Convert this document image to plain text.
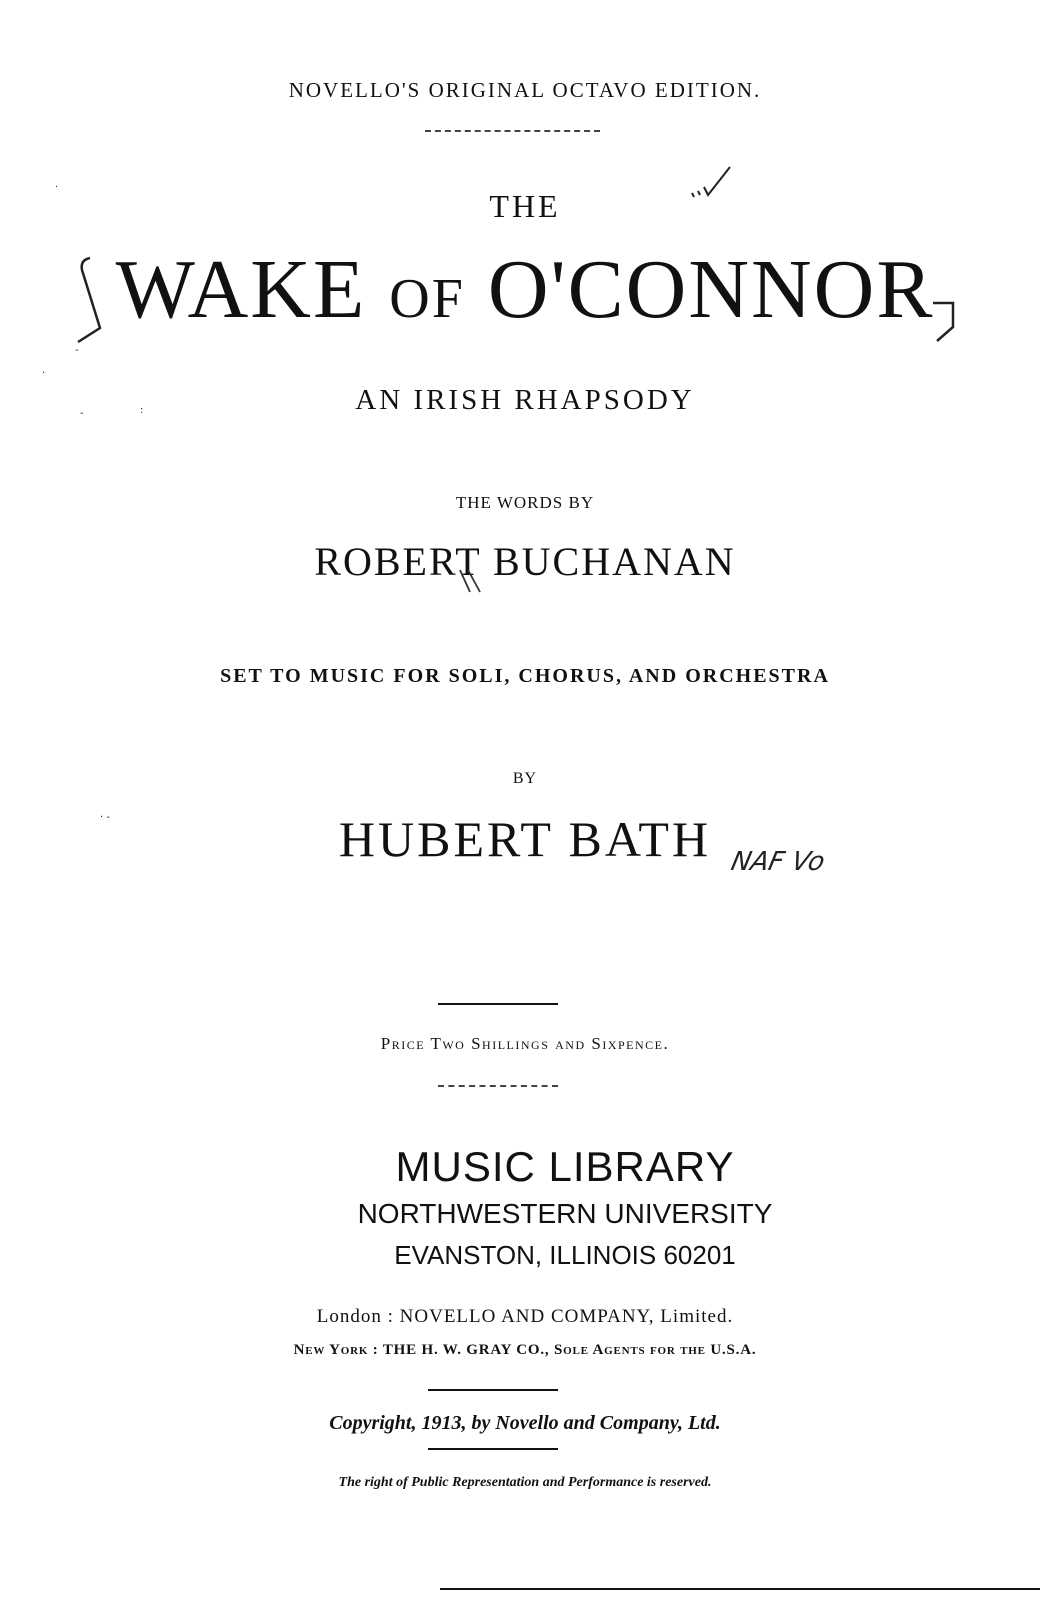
NOVELLO'S ORIGINAL OCTAVO EDITION.
THE
WAKE OF O'CONNOR
AN IRISH RHAPSODY
THE WORDS BY
ROBERT BUCHANAN
SET TO MUSIC FOR SOLI, CHORUS, AND ORCHESTRA
BY
HUBERT BATH NAF Vo
Price Two Shillings and Sixpence.
MUSIC LIBRARY
NORTHWESTERN UNIVERSITY
EVANSTON, ILLINOIS 60201
London : NOVELLO AND COMPANY, Limited.
New York : THE H. W. GRAY CO., Sole Agents for the U.S.A.
Copyright, 1913, by Novello and Company, Ltd.
The right of Public Representation and Performance is reserved.
·
-
·
-	:
· -
